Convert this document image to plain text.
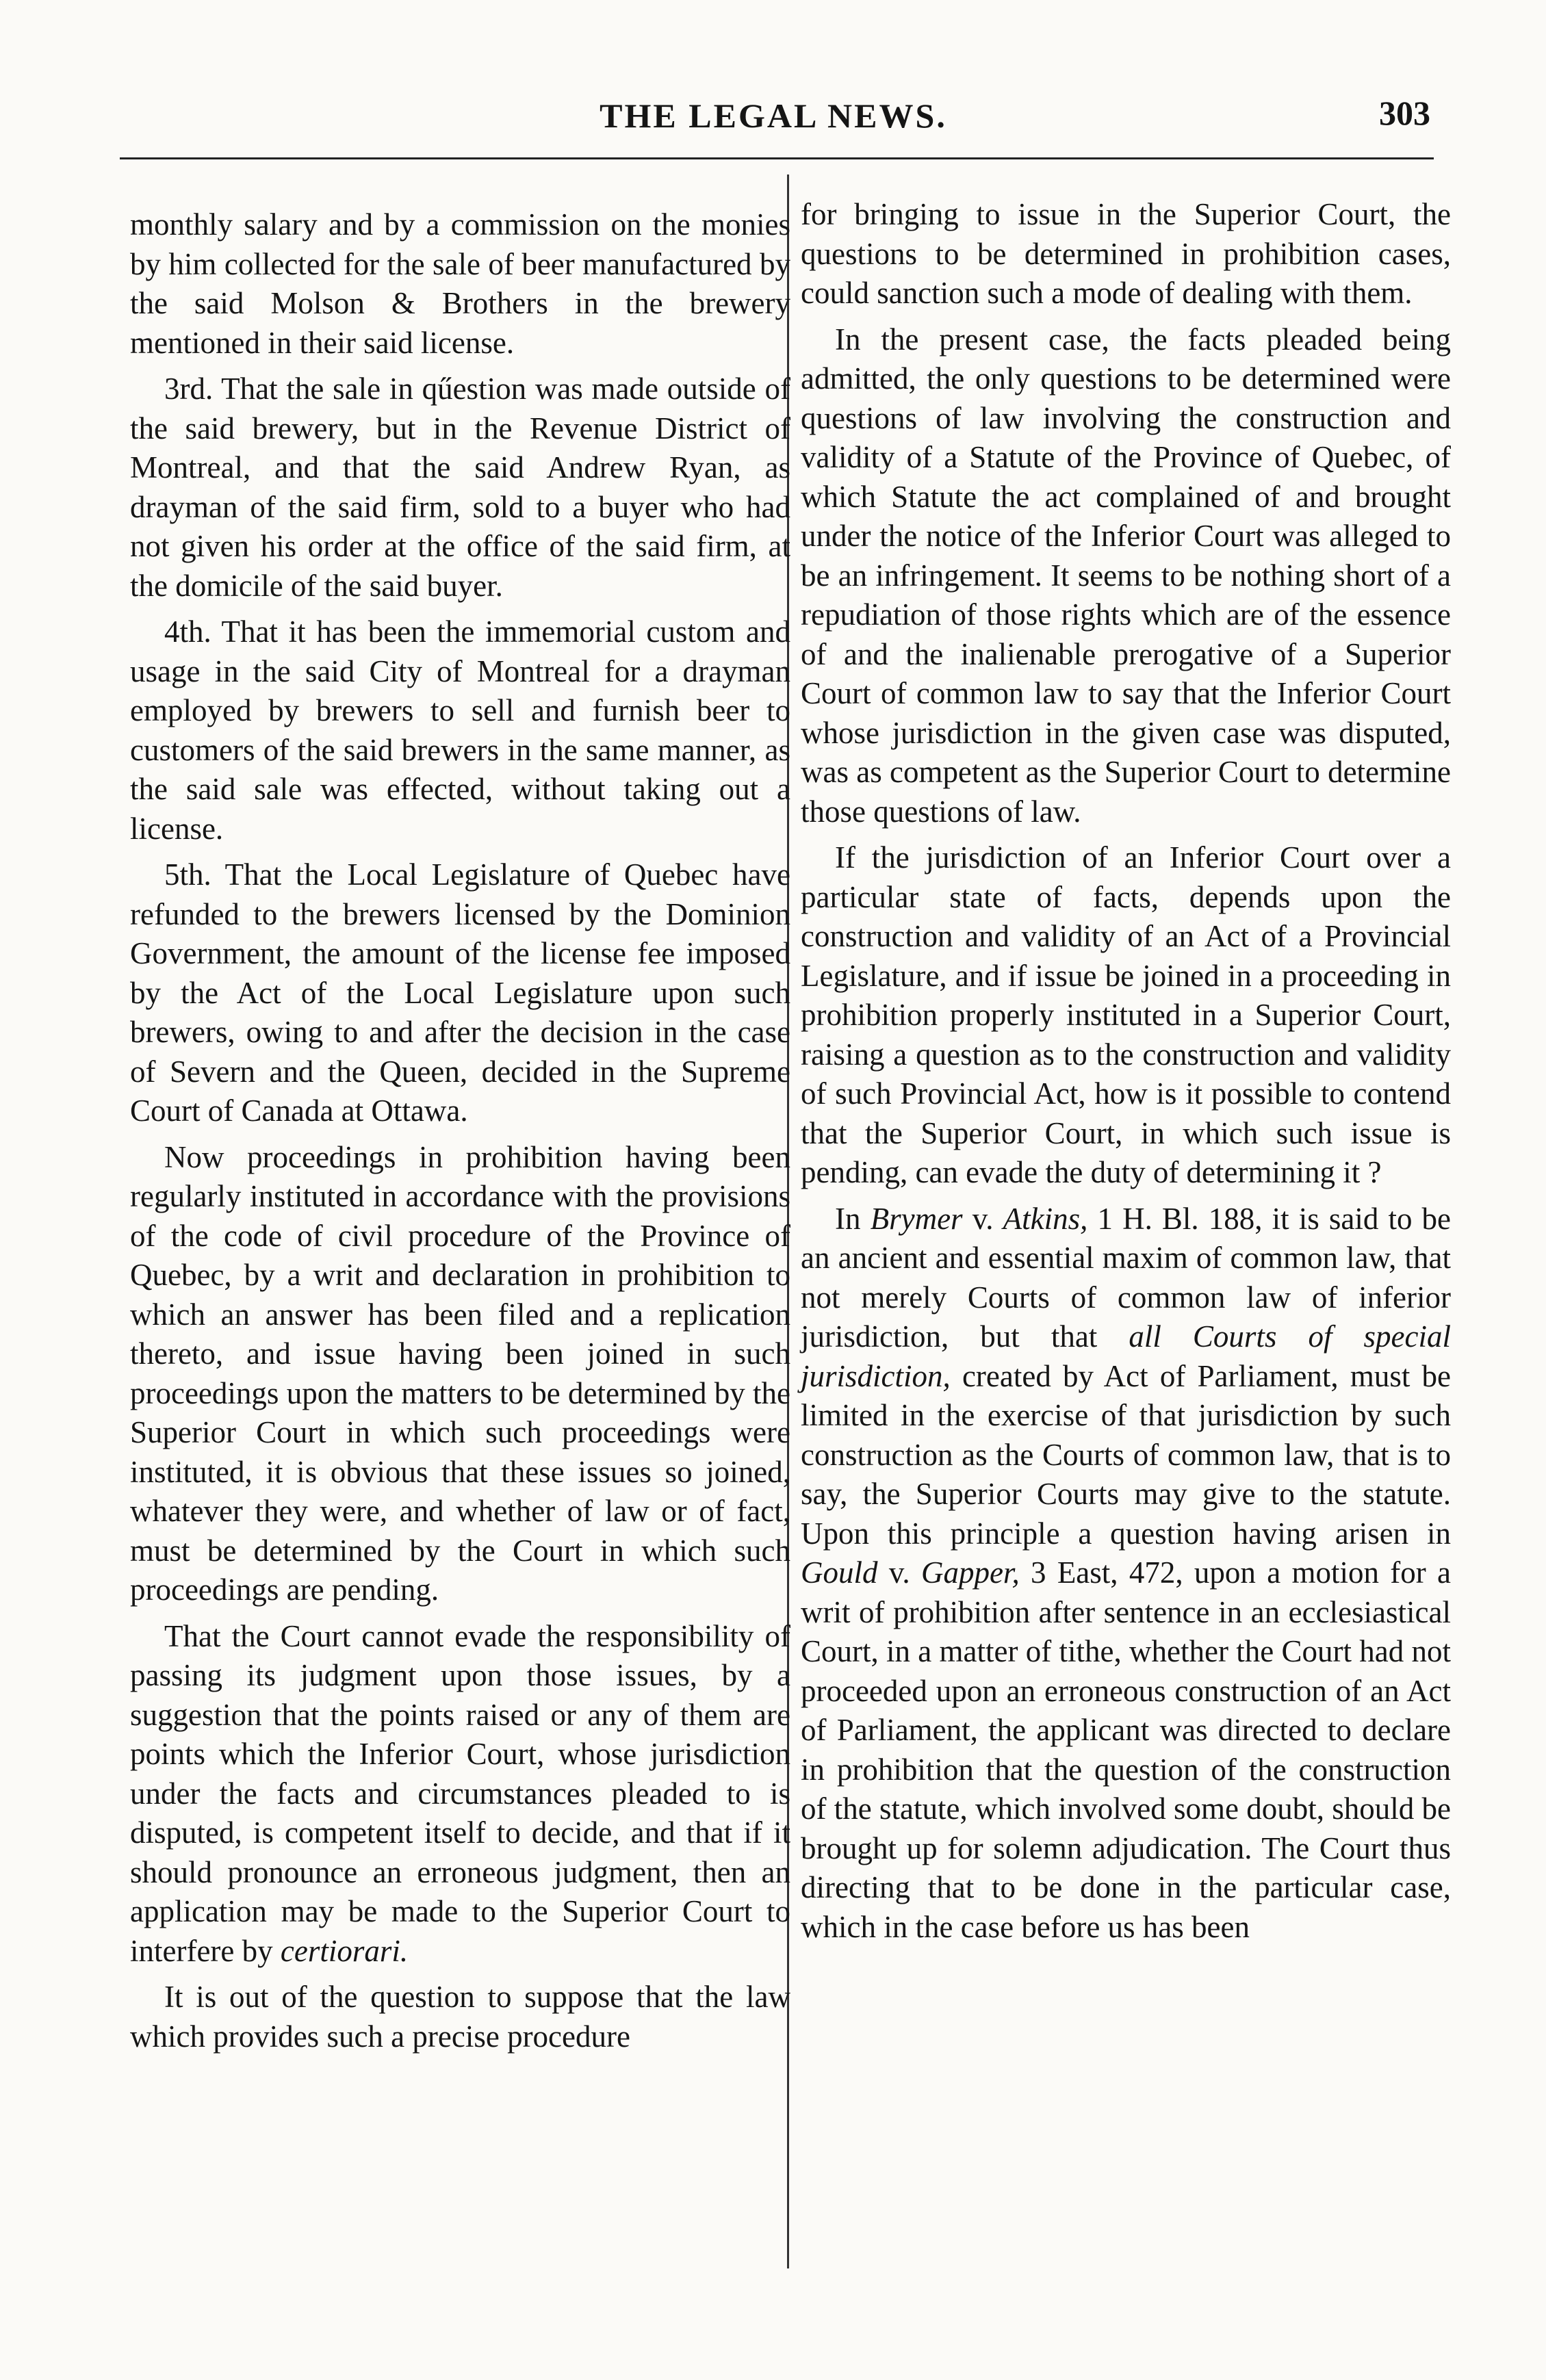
THE LEGAL NEWS.	303

monthly salary and by a commission on the monies by him collected for the sale of beer manufactured by the said Molson & Brothers in the brewery mentioned in their said license.

3rd. That the sale in qűestion was made outside of the said brewery, but in the Revenue District of Montreal, and that the said Andrew Ryan, as drayman of the said firm, sold to a buyer who had not given his order at the office of the said firm, at the domicile of the said buyer.

4th. That it has been the immemorial custom and usage in the said City of Montreal for a drayman employed by brewers to sell and furnish beer to customers of the said brewers in the same manner, as the said sale was effected, without taking out a license.

5th. That the Local Legislature of Quebec have refunded to the brewers licensed by the Dominion Government, the amount of the license fee imposed by the Act of the Local Legislature upon such brewers, owing to and after the decision in the case of Severn and the Queen, decided in the Supreme Court of Canada at Ottawa.

Now proceedings in prohibition having been regularly instituted in accordance with the provisions of the code of civil procedure of the Province of Quebec, by a writ and declaration in prohibition to which an answer has been filed and a replication thereto, and issue having been joined in such proceedings upon the matters to be determined by the Superior Court in which such proceedings were instituted, it is obvious that these issues so joined, whatever they were, and whether of law or of fact, must be determined by the Court in which such proceedings are pending.

That the Court cannot evade the responsibility of passing its judgment upon those issues, by a suggestion that the points raised or any of them are points which the Inferior Court, whose jurisdiction under the facts and circumstances pleaded to is disputed, is competent itself to decide, and that if it should pronounce an erroneous judgment, then an application may be made to the Superior Court to interfere by certiorari.

It is out of the question to suppose that the law which provides such a precise procedure

for bringing to issue in the Superior Court, the questions to be determined in prohibition cases, could sanction such a mode of dealing with them.

In the present case, the facts pleaded being admitted, the only questions to be determined were questions of law involving the construction and validity of a Statute of the Province of Quebec, of which Statute the act complained of and brought under the notice of the Inferior Court was alleged to be an infringement. It seems to be nothing short of a repudiation of those rights which are of the essence of and the inalienable prerogative of a Superior Court of common law to say that the Inferior Court whose jurisdiction in the given case was disputed, was as competent as the Superior Court to determine those questions of law.

If the jurisdiction of an Inferior Court over a particular state of facts, depends upon the construction and validity of an Act of a Provincial Legislature, and if issue be joined in a proceeding in prohibition properly instituted in a Superior Court, raising a question as to the construction and validity of such Provincial Act, how is it possible to contend that the Superior Court, in which such issue is pending, can evade the duty of determining it ?

In Brymer v. Atkins, 1 H. Bl. 188, it is said to be an ancient and essential maxim of common law, that not merely Courts of common law of inferior jurisdiction, but that all Courts of special jurisdiction, created by Act of Parliament, must be limited in the exercise of that jurisdiction by such construction as the Courts of common law, that is to say, the Superior Courts may give to the statute. Upon this principle a question having arisen in Gould v. Gapper, 3 East, 472, upon a motion for a writ of prohibition after sentence in an ecclesiastical Court, in a matter of tithe, whether the Court had not proceeded upon an erroneous construction of an Act of Parliament, the applicant was directed to declare in prohibition that the question of the construction of the statute, which involved some doubt, should be brought up for solemn adjudication. The Court thus directing that to be done in the particular case, which in the case before us has been
